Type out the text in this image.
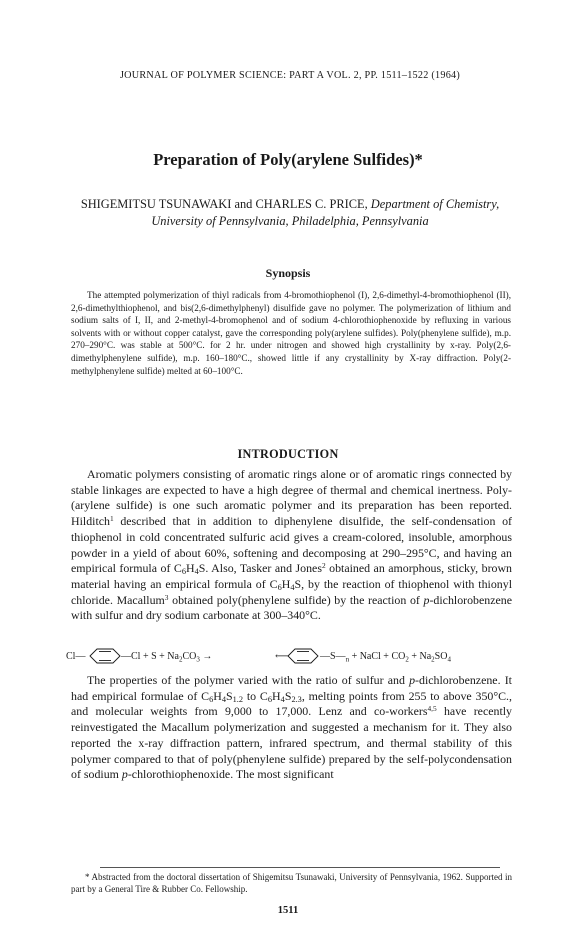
JOURNAL OF POLYMER SCIENCE: PART A VOL. 2, PP. 1511–1522 (1964)
Preparation of Poly(arylene Sulfides)*
SHIGEMITSU TSUNAWAKI and CHARLES C. PRICE, Department of Chemistry, University of Pennsylvania, Philadelphia, Pennsylvania
Synopsis

The attempted polymerization of thiyl radicals from 4-bromothiophenol (I), 2,6-dimethyl-4-bromothiophenol (II), 2,6-dimethylthiophenol, and bis(2,6-dimethylphenyl) disulfide gave no polymer. The polymerization of lithium and sodium salts of I, II, and 2-methyl-4-bromophenol and of sodium 4-chlorothiophenoxide by refluxing in various solvents with or without copper catalyst, gave the corresponding poly(arylene sulfides). Poly(phenylene sulfide), m.p. 270–290°C. was stable at 500°C. for 2 hr. under nitrogen and showed high crystallinity by x-ray. Poly(2,6-dimethylphenylene sulfide), m.p. 160–180°C., showed little if any crystallinity by X-ray diffraction. Poly(2-methylphenylene sulfide) melted at 60–100°C.

INTRODUCTION

Aromatic polymers consisting of aromatic rings alone or of aromatic rings connected by stable linkages are expected to have a high degree of thermal and chemical inertness. Poly-(arylene sulfide) is one such aromatic polymer and its preparation has been reported. Hilditch$^1$ described that in addition to diphenylene disulfide, the self-condensation of thiophenol in cold concentrated sulfuric acid gives a cream-colored, insoluble, amorphous powder in a yield of about 60%, softening and decomposing at 290–295°C, and having an empirical formula of $C_6H_4S$. Also, Tasker and Jones$^2$ obtained an amorphous, sticky, brown material having an empirical formula of $C_6H_4S$, by the reaction of thiophenol with thionyl chloride. Macallum$^3$ obtained poly(phenylene sulfide) by the reaction of p-dichlorobenzene with sulfur and dry sodium carbonate at 300–340°C.

Cl—	—Cl + $S + Na_2CO_3$ →	⟵	$—S—_n$ + NaCl + $CO_2 + Na_2SO_4$

The properties of the polymer varied with the ratio of sulfur and p-dichlorobenzene. It had empirical formulae of $C_6H_4S_{1.2}$ to $C_6H_4S_{2.3}$, melting points from 255 to above 350°C., and molecular weights from 9,000 to 17,000. Lenz and co-workers$^{4,5}$ have recently reinvestigated the Macallum polymerization and suggested a mechanism for it. They also reported the x-ray diffraction pattern, infrared spectrum, and thermal stability of this polymer compared to that of poly(phenylene sulfide) prepared by the self-polycondensation of sodium p-chlorothiophenoxide. The most significant

* Abstracted from the doctoral dissertation of Shigemitsu Tsunawaki, University of Pennsylvania, 1962. Supported in part by a General Tire & Rubber Co. Fellowship.

1511
